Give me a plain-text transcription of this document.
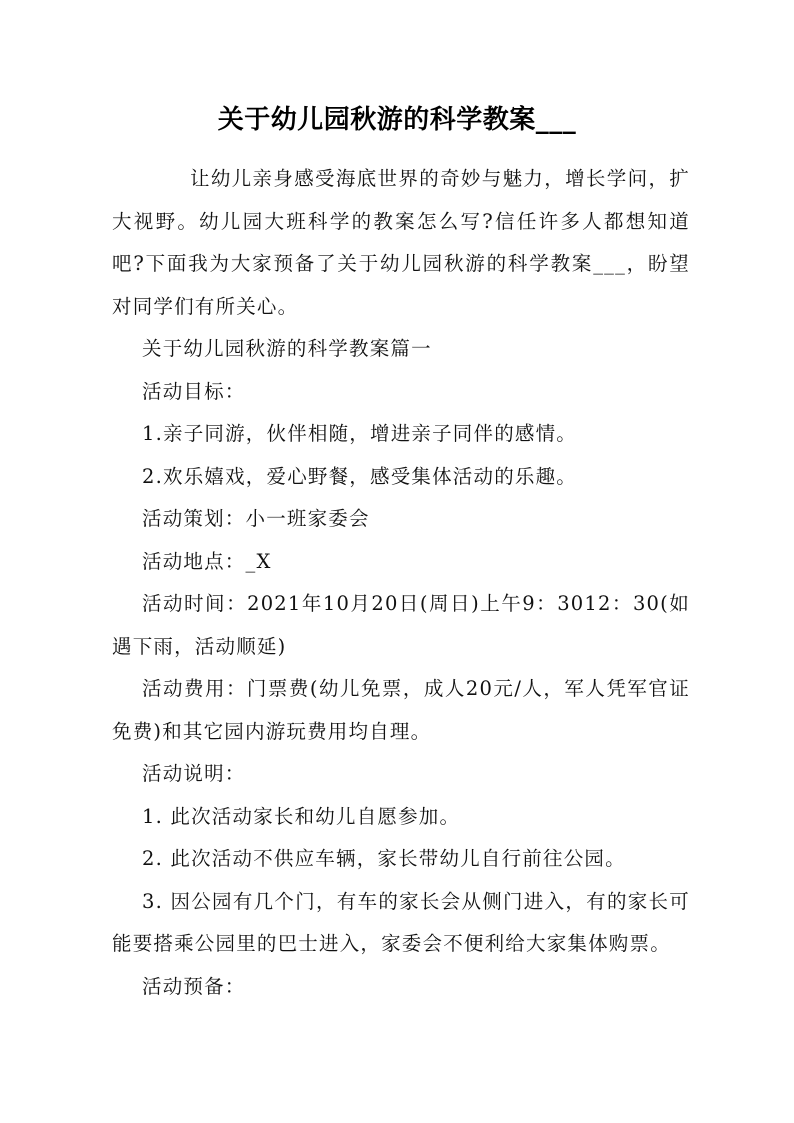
关于幼儿园秋游的科学教案___

让幼儿亲身感受海底世界的奇妙与魅力，增长学问，扩大视野。幼儿园大班科学的教案怎么写?信任许多人都想知道吧?下面我为大家预备了关于幼儿园秋游的科学教案___，盼望对同学们有所关心。

关于幼儿园秋游的科学教案篇一

活动目标：

1.亲子同游，伙伴相随，增进亲子同伴的感情。

2.欢乐嬉戏，爱心野餐，感受集体活动的乐趣。

活动策划：小一班家委会

活动地点：_X

活动时间：2021年10月20日(周日)上午9：3012：30(如遇下雨，活动顺延)

活动费用：门票费(幼儿免票，成人20元/人，军人凭军官证免费)和其它园内游玩费用均自理。

活动说明：

1. 此次活动家长和幼儿自愿参加。

2. 此次活动不供应车辆，家长带幼儿自行前往公园。

3. 因公园有几个门，有车的家长会从侧门进入，有的家长可能要搭乘公园里的巴士进入，家委会不便利给大家集体购票。

活动预备：
